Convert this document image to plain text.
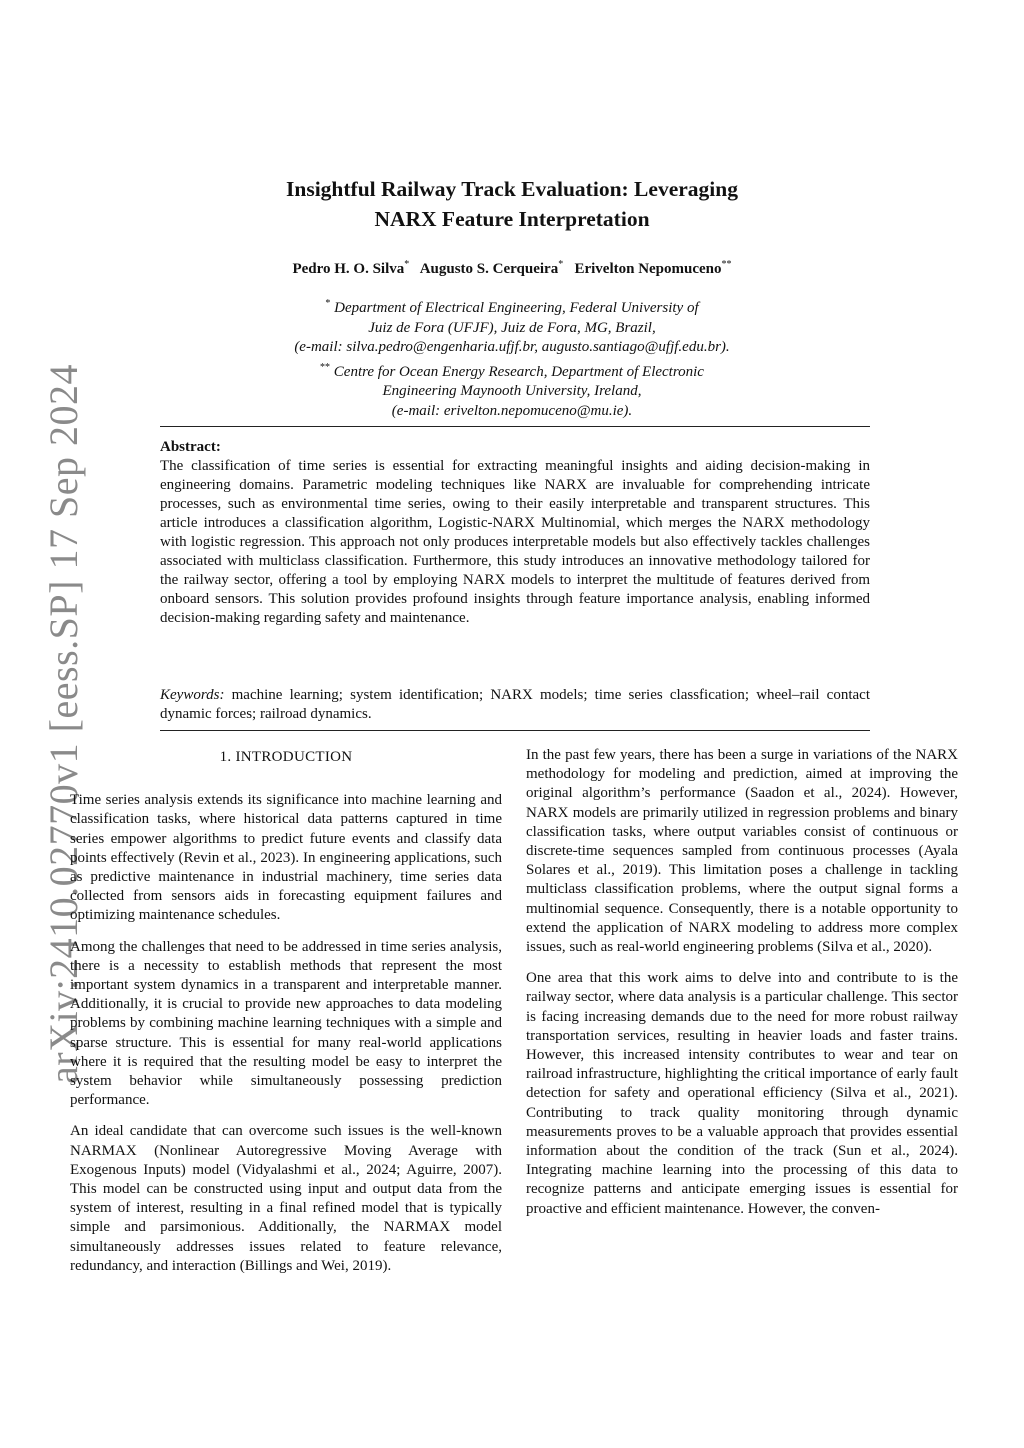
arXiv:2410.02770v1 [eess.SP] 17 Sep 2024
Insightful Railway Track Evaluation: Leveraging
NARX Feature Interpretation
Pedro H. O. Silva* Augusto S. Cerqueira* Erivelton Nepomuceno**
* Department of Electrical Engineering, Federal University of
Juiz de Fora (UFJF), Juiz de Fora, MG, Brazil,
(e-mail: silva.pedro@engenharia.ufjf.br, augusto.santiago@ufjf.edu.br).
** Centre for Ocean Energy Research, Department of Electronic
Engineering Maynooth University, Ireland,
(e-mail: erivelton.nepomuceno@mu.ie).
Abstract:
The classification of time series is essential for extracting meaningful insights and aiding decision-making in engineering domains. Parametric modeling techniques like NARX are invaluable for comprehending intricate processes, such as environmental time series, owing to their easily interpretable and transparent structures. This article introduces a classification algorithm, Logistic-NARX Multinomial, which merges the NARX methodology with logistic regression. This approach not only produces interpretable models but also effectively tackles challenges associated with multiclass classification. Furthermore, this study introduces an innovative methodology tailored for the railway sector, offering a tool by employing NARX models to interpret the multitude of features derived from onboard sensors. This solution provides profound insights through feature importance analysis, enabling informed decision-making regarding safety and maintenance.
Keywords: machine learning; system identification; NARX models; time series classfication; wheel–rail contact dynamic forces; railroad dynamics.
1. INTRODUCTION

Time series analysis extends its significance into machine learning and classification tasks, where historical data patterns captured in time series empower algorithms to predict future events and classify data points effectively (Revin et al., 2023). In engineering applications, such as predictive maintenance in industrial machinery, time series data collected from sensors aids in forecasting equipment failures and optimizing maintenance schedules.

Among the challenges that need to be addressed in time series analysis, there is a necessity to establish methods that represent the most important system dynamics in a transparent and interpretable manner. Additionally, it is crucial to provide new approaches to data modeling problems by combining machine learning techniques with a simple and sparse structure. This is essential for many real-world applications where it is required that the resulting model be easy to interpret the system behavior while simultaneously possessing prediction performance.

An ideal candidate that can overcome such issues is the well-known NARMAX (Nonlinear Autoregressive Moving Average with Exogenous Inputs) model (Vidyalashmi et al., 2024; Aguirre, 2007). This model can be constructed using input and output data from the system of interest, resulting in a final refined model that is typically simple and parsimonious. Additionally, the NARMAX model simultaneously addresses issues related to feature relevance, redundancy, and interaction (Billings and Wei, 2019).

In the past few years, there has been a surge in variations of the NARX methodology for modeling and prediction, aimed at improving the original algorithm’s performance (Saadon et al., 2024). However, NARX models are primarily utilized in regression problems and binary classification tasks, where output variables consist of continuous or discrete-time sequences sampled from continuous processes (Ayala Solares et al., 2019). This limitation poses a challenge in tackling multiclass classification problems, where the output signal forms a multinomial sequence. Consequently, there is a notable opportunity to extend the application of NARX modeling to address more complex issues, such as real-world engineering problems (Silva et al., 2020).

One area that this work aims to delve into and contribute to is the railway sector, where data analysis is a particular challenge. This sector is facing increasing demands due to the need for more robust railway transportation services, resulting in heavier loads and faster trains. However, this increased intensity contributes to wear and tear on railroad infrastructure, highlighting the critical importance of early fault detection for safety and operational efficiency (Silva et al., 2021). Contributing to track quality monitoring through dynamic measurements proves to be a valuable approach that provides essential information about the condition of the track (Sun et al., 2024). Integrating machine learning into the processing of this data to recognize patterns and anticipate emerging issues is essential for proactive and efficient maintenance. However, the conven-
